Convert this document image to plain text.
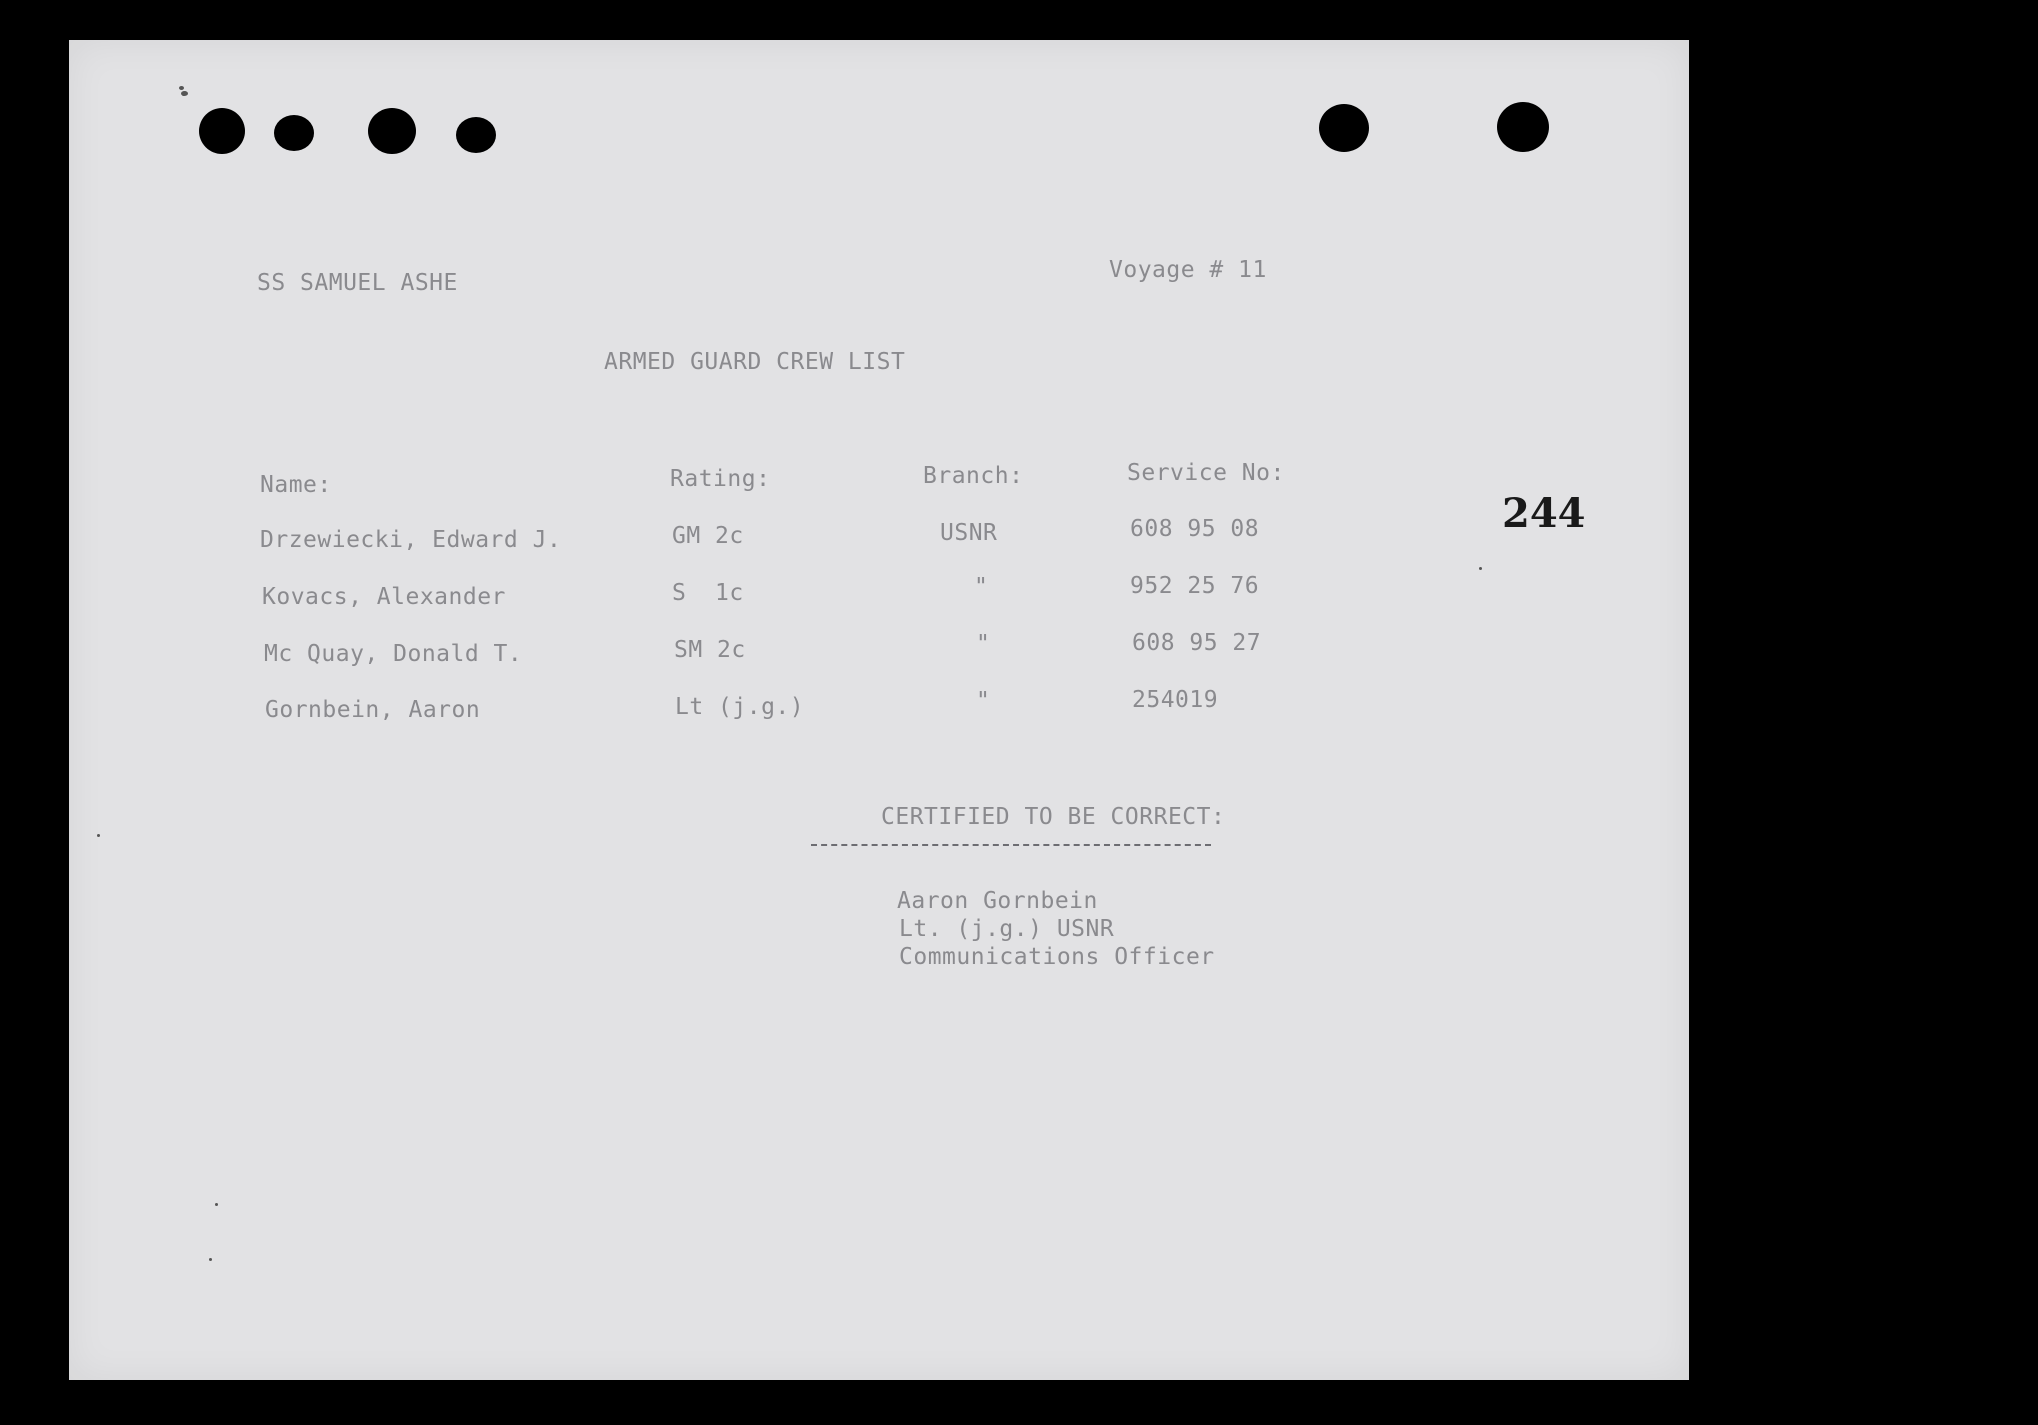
SS SAMUEL ASHE	Voyage # 11
ARMED GUARD CREW LIST
244
Name:	Rating:	Branch:	Service No:
Drzewiecki, Edward J.	GM 2c	USNR	608 95 08
Kovacs, Alexander	S  1c	"	952 25 76
Mc Quay, Donald T.	SM 2c	"	608 95 27
Gornbein, Aaron	Lt (j.g.)	"	254019
CERTIFIED TO BE CORRECT:
Aaron Gornbein
Lt. (j.g.) USNR
Communications Officer
